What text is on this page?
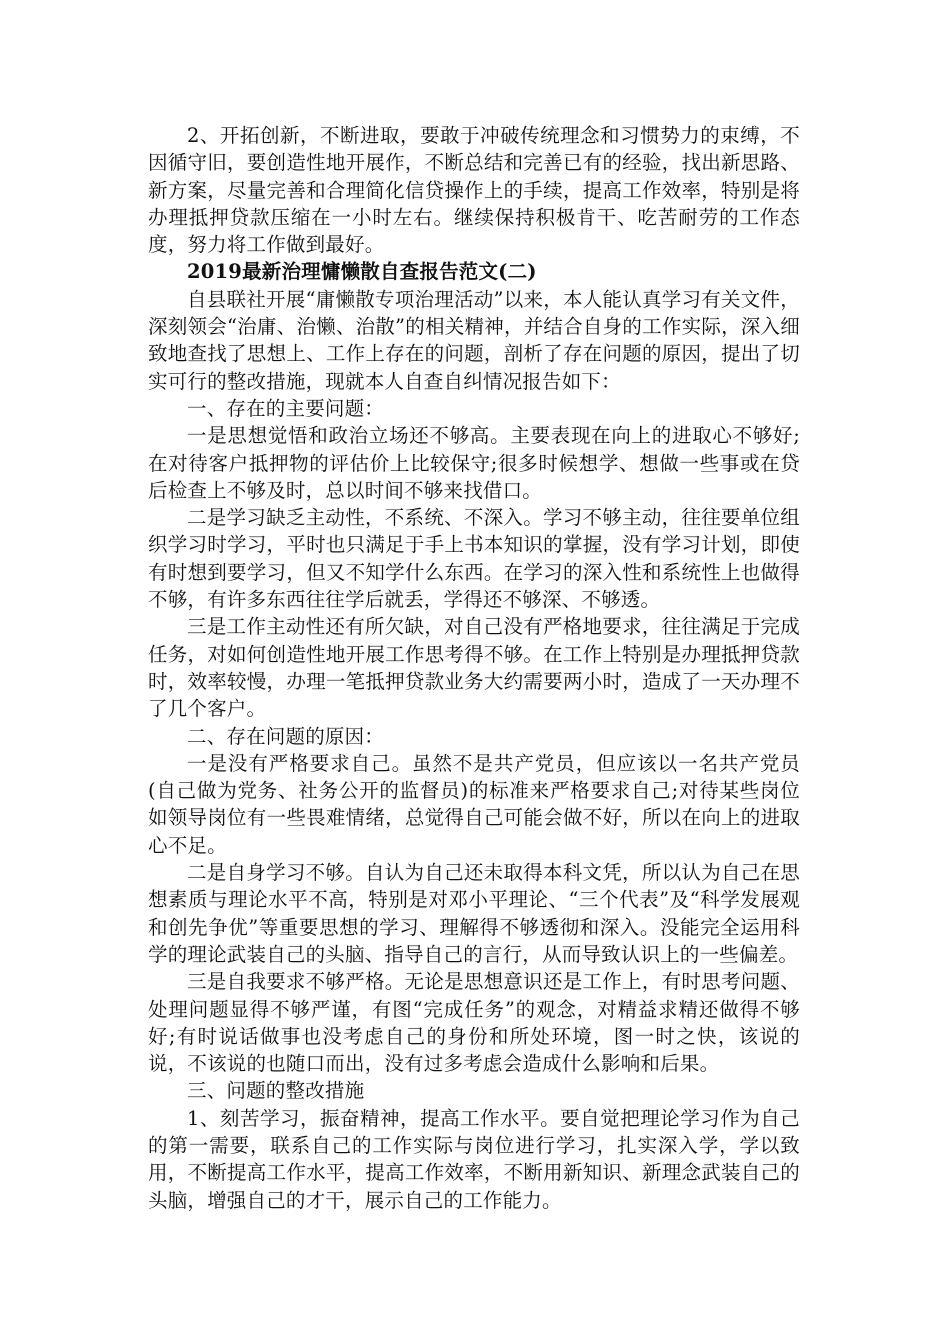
2、开拓创新，不断进取，要敢于冲破传统理念和习惯势力的束缚，不因循守旧，要创造性地开展作，不断总结和完善已有的经验，找出新思路、新方案，尽量完善和合理简化信贷操作上的手续，提高工作效率，特别是将办理抵押贷款压缩在一小时左右。继续保持积极肯干、吃苦耐劳的工作态度，努力将工作做到最好。

2019最新治理慵懒散自查报告范文(二)

自县联社开展“庸懒散专项治理活动”以来，本人能认真学习有关文件，深刻领会“治庸、治懒、治散”的相关精神，并结合自身的工作实际，深入细致地查找了思想上、工作上存在的问题，剖析了存在问题的原因，提出了切实可行的整改措施，现就本人自查自纠情况报告如下：

一、存在的主要问题：

一是思想觉悟和政治立场还不够高。主要表现在向上的进取心不够好;在对待客户抵押物的评估价上比较保守;很多时候想学、想做一些事或在贷后检查上不够及时，总以时间不够来找借口。

二是学习缺乏主动性，不系统、不深入。学习不够主动，往往要单位组织学习时学习，平时也只满足于手上书本知识的掌握，没有学习计划，即使有时想到要学习，但又不知学什么东西。在学习的深入性和系统性上也做得不够，有许多东西往往学后就丢，学得还不够深、不够透。

三是工作主动性还有所欠缺，对自己没有严格地要求，往往满足于完成任务，对如何创造性地开展工作思考得不够。在工作上特别是办理抵押贷款时，效率较慢，办理一笔抵押贷款业务大约需要两小时，造成了一天办理不了几个客户。

二、存在问题的原因：

一是没有严格要求自己。虽然不是共产党员，但应该以一名共产党员(自己做为党务、社务公开的监督员)的标准来严格要求自己;对待某些岗位如领导岗位有一些畏难情绪，总觉得自己可能会做不好，所以在向上的进取心不足。

二是自身学习不够。自认为自己还未取得本科文凭，所以认为自己在思想素质与理论水平不高，特别是对邓小平理论、“三个代表”及“科学发展观和创先争优”等重要思想的学习、理解得不够透彻和深入。没能完全运用科学的理论武装自己的头脑、指导自己的言行，从而导致认识上的一些偏差。

三是自我要求不够严格。无论是思想意识还是工作上，有时思考问题、处理问题显得不够严谨，有图“完成任务”的观念，对精益求精还做得不够好;有时说话做事也没考虑自己的身份和所处环境，图一时之快，该说的说，不该说的也随口而出，没有过多考虑会造成什么影响和后果。

三、问题的整改措施

1、刻苦学习，振奋精神，提高工作水平。要自觉把理论学习作为自己的第一需要，联系自己的工作实际与岗位进行学习，扎实深入学，学以致用，不断提高工作水平，提高工作效率，不断用新知识、新理念武装自己的头脑，增强自己的才干，展示自己的工作能力。
